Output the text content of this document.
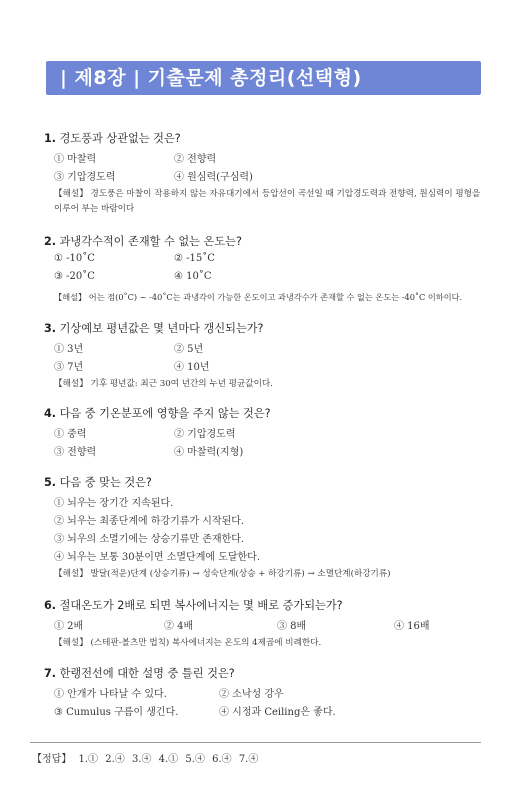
| 제8장 | 기출문제 총정리(선택형)
1. 경도풍과 상관없는 것은?
① 마찰력	② 전향력
③ 기압경도력	④ 원심력(구심력)
【해설】 경도풍은 마찰이 작용하지 않는 자유대기에서 등압선이 곡선일 때 기압경도력과 전향력, 원심력이 평형을 이루어 부는 바람이다
2. 과냉각수적이 존재할 수 없는 온도는?
① -10˚C	② -15˚C
③ -20˚C	④ 10˚C
【해설】 어는 점(0˚C) ~ -40˚C는 과냉각이 가능한 온도이고 과냉각수가 존재할 수 없는 온도는 -40˚C 이하이다.
3. 기상예보 평년값은 몇 년마다 갱신되는가?
① 3년	② 5년
③ 7년	④ 10년
【해설】 기후 평년값: 최근 30여 년간의 누년 평균값이다.
4. 다음 중 기온분포에 영향을 주지 않는 것은?
① 중력	② 기압경도력
③ 전향력	④ 마찰력(지형)
5. 다음 중 맞는 것은?
① 뇌우는 장기간 지속된다.
② 뇌우는 최종단계에 하강기류가 시작된다.
③ 뇌우의 소멸기에는 상승기류만 존재한다.
④ 뇌우는 보통 30분이면 소멸단계에 도달한다.
【해설】 발달(적운)단계 (상승기류) → 성숙단계(상승 + 하강기류) → 소멸단계(하강기류)
6. 절대온도가 2배로 되면 복사에너지는 몇 배로 증가되는가?
① 2배	② 4배	③ 8배	④ 16배
【해설】 (스테판-볼츠만 법칙) 복사에너지는 온도의 4제곱에 비례한다.
7. 한랭전선에 대한 설명 중 틀린 것은?
① 안개가 나타날 수 있다.	② 소낙성 강우
③ Cumulus 구름이 생긴다.	④ 시정과 Ceiling은 좋다.
【정답】 1.① 2.④ 3.④ 4.① 5.④ 6.④ 7.④
